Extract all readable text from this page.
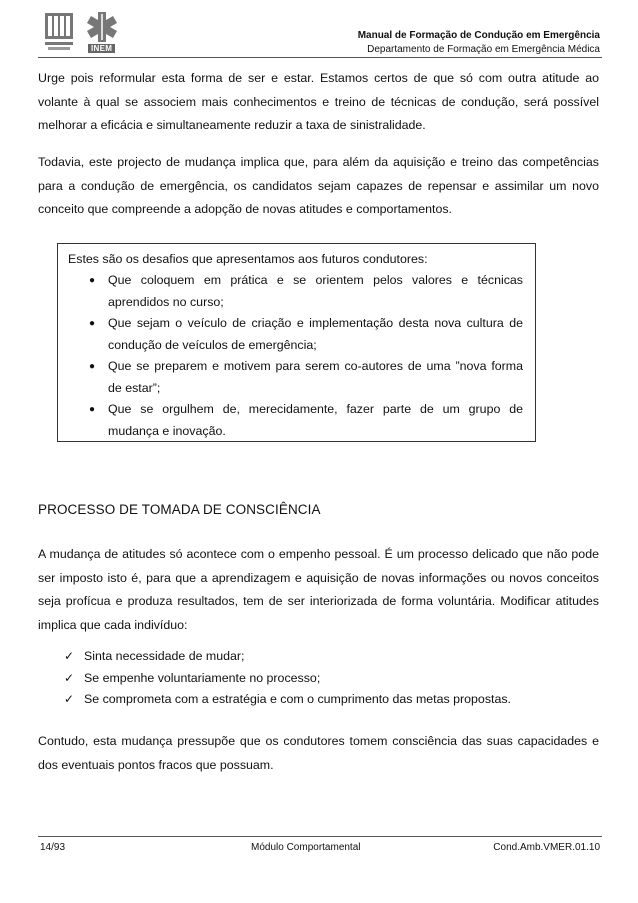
INEM
Manual de Formação de Condução em Emergência
Departamento de Formação em Emergência Médica

Urge pois reformular esta forma de ser e estar. Estamos certos de que só com outra atitude ao volante à qual se associem mais conhecimentos e treino de técnicas de condução, será possível melhorar a eficácia e simultaneamente reduzir a taxa de sinistralidade.

Todavia, este projecto de mudança implica que, para além da aquisição e treino das competências para a condução de emergência, os candidatos sejam capazes de repensar e assimilar um novo conceito que compreende a adopção de novas atitudes e comportamentos.

Estes são os desafios que apresentamos aos futuros condutores:
● Que coloquem em prática e se orientem pelos valores e técnicas aprendidos no curso;
● Que sejam o veículo de criação e implementação desta nova cultura de condução de veículos de emergência;
● Que se preparem e motivem para serem co-autores de uma ”nova forma de estar”;
● Que se orgulhem de, merecidamente, fazer parte de um grupo de mudança e inovação.
PROCESSO DE TOMADA DE CONSCIÊNCIA

A mudança de atitudes só acontece com o empenho pessoal. É um processo delicado que não pode ser imposto isto é, para que a aprendizagem e aquisição de novas informações ou novos conceitos seja profícua e produza resultados, tem de ser interiorizada de forma voluntária. Modificar atitudes implica que cada indivíduo:

✓ Sinta necessidade de mudar;
✓ Se empenhe voluntariamente no processo;
✓ Se comprometa com a estratégia e com o cumprimento das metas propostas.

Contudo, esta mudança pressupõe que os condutores tomem consciência das suas capacidades e dos eventuais pontos fracos que possuam.

14/93	Módulo Comportamental	Cond.Amb.VMER.01.10
